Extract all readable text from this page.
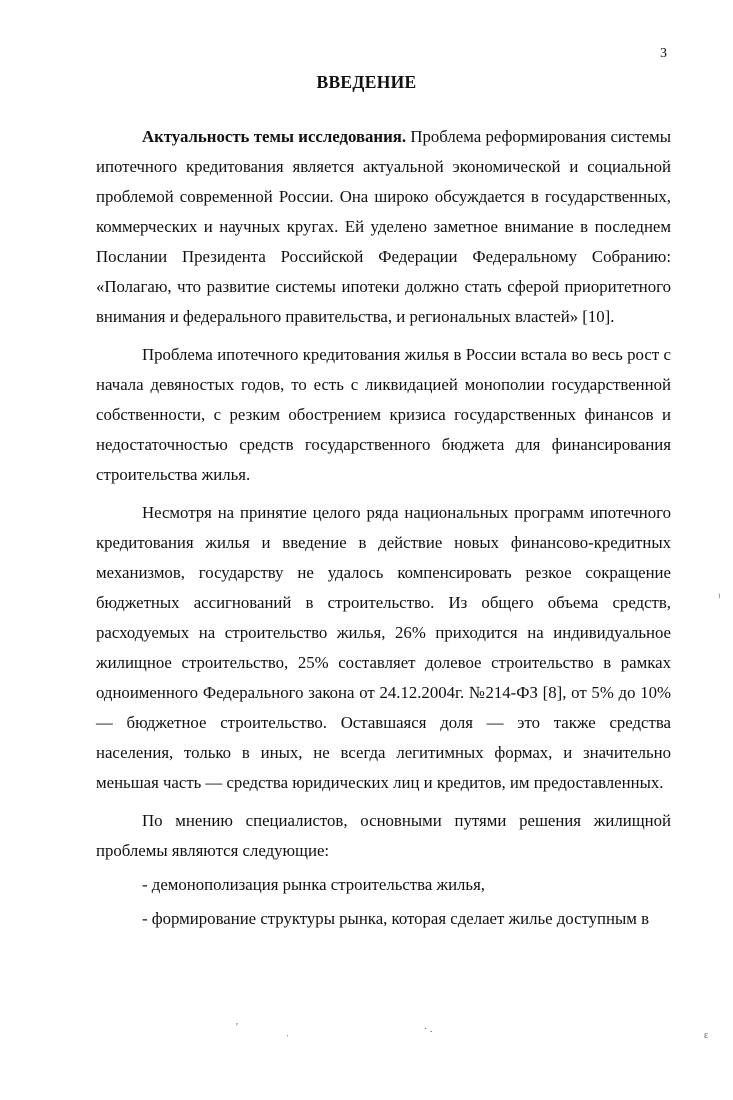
3
ВВЕДЕНИЕ

Актуальность темы исследования. Проблема реформирования системы ипотечного кредитования является актуальной экономической и социальной проблемой современной России. Она широко обсуждается в государственных, коммерческих и научных кругах. Ей уделено заметное внимание в последнем Послании Президента Российской Федерации Федеральному Собранию: «Полагаю, что развитие системы ипотеки должно стать сферой приоритетного внимания и федерального правительства, и региональных властей» [10].

Проблема ипотечного кредитования жилья в России встала во весь рост с начала девяностых годов, то есть с ликвидацией монополии государственной собственности, с резким обострением кризиса государственных финансов и недостаточностью средств государственного бюджета для финансирования строительства жилья.

Несмотря на принятие целого ряда национальных программ ипотечного кредитования жилья и введение в действие новых финансово-кредитных механизмов, государству не удалось компенсировать резкое сокращение бюджетных ассигнований в строительство. Из общего объема средств, расходуемых на строительство жилья, 26% приходится на индивидуальное жилищное строительство, 25% составляет долевое строительство в рамках одноименного Федерального закона от 24.12.2004г. №214-ФЗ [8], от 5% до 10% — бюджетное строительство. Оставшаяся доля — это также средства населения, только в иных, не всегда легитимных формах, и значительно меньшая часть — средства юридических лиц и кредитов, им предоставленных.

По мнению специалистов, основными путями решения жилищной проблемы являются следующие:

- демонополизация рынка строительства жилья,

- формирование структуры рынка, которая сделает жилье доступным в

⁾
ʹ	ˌ	· .
ɛ
